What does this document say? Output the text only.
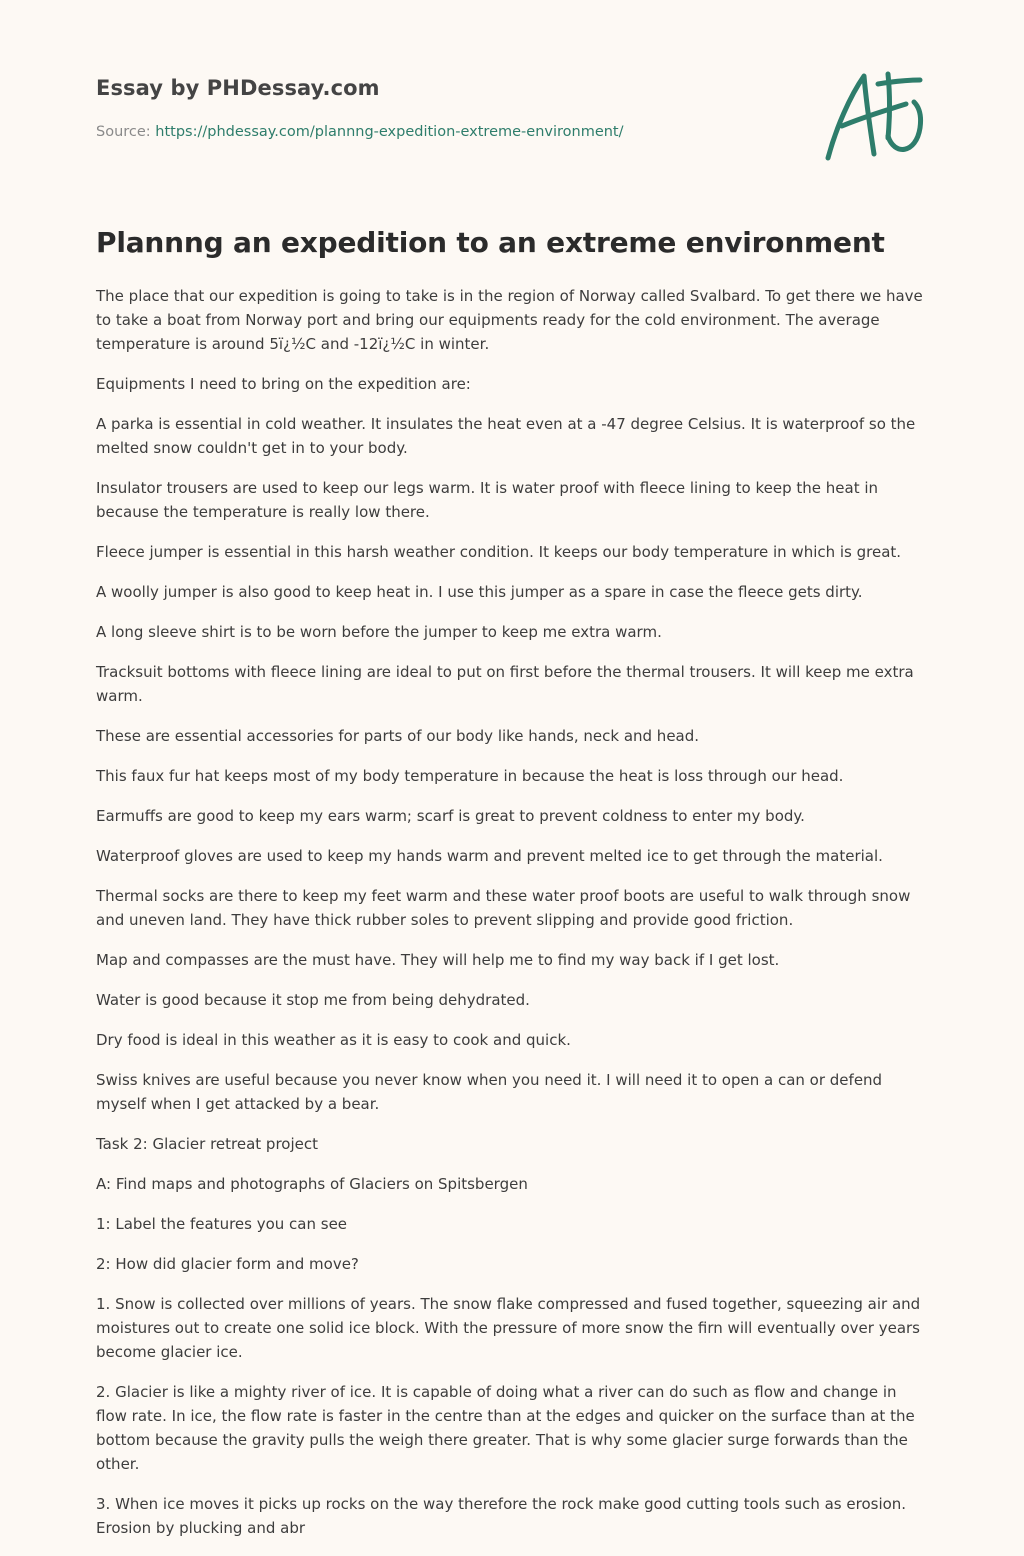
Essay by PHDessay.com
Source: https://phdessay.com/plannng-expedition-extreme-environment/
Plannng an expedition to an extreme environment

The place that our expedition is going to take is in the region of Norway called Svalbard. To get there we have to take a boat from Norway port and bring our equipments ready for the cold environment. The average temperature is around 5ï¿½C and -12ï¿½C in winter.

Equipments I need to bring on the expedition are:

A parka is essential in cold weather. It insulates the heat even at a -47 degree Celsius. It is waterproof so the melted snow couldn't get in to your body.

Insulator trousers are used to keep our legs warm. It is water proof with fleece lining to keep the heat in because the temperature is really low there.

Fleece jumper is essential in this harsh weather condition. It keeps our body temperature in which is great.

A woolly jumper is also good to keep heat in. I use this jumper as a spare in case the fleece gets dirty.

A long sleeve shirt is to be worn before the jumper to keep me extra warm.

Tracksuit bottoms with fleece lining are ideal to put on first before the thermal trousers. It will keep me extra warm.

These are essential accessories for parts of our body like hands, neck and head.

This faux fur hat keeps most of my body temperature in because the heat is loss through our head.

Earmuffs are good to keep my ears warm; scarf is great to prevent coldness to enter my body.

Waterproof gloves are used to keep my hands warm and prevent melted ice to get through the material.

Thermal socks are there to keep my feet warm and these water proof boots are useful to walk through snow and uneven land. They have thick rubber soles to prevent slipping and provide good friction.

Map and compasses are the must have. They will help me to find my way back if I get lost.

Water is good because it stop me from being dehydrated.

Dry food is ideal in this weather as it is easy to cook and quick.

Swiss knives are useful because you never know when you need it. I will need it to open a can or defend myself when I get attacked by a bear.

Task 2: Glacier retreat project

A: Find maps and photographs of Glaciers on Spitsbergen

1: Label the features you can see

2: How did glacier form and move?

1. Snow is collected over millions of years. The snow flake compressed and fused together, squeezing air and moistures out to create one solid ice block. With the pressure of more snow the firn will eventually over years become glacier ice.

2. Glacier is like a mighty river of ice. It is capable of doing what a river can do such as flow and change in flow rate. In ice, the flow rate is faster in the centre than at the edges and quicker on the surface than at the bottom because the gravity pulls the weigh there greater. That is why some glacier surge forwards than the other.

3. When ice moves it picks up rocks on the way therefore the rock make good cutting tools such as erosion. Erosion by plucking and abr
